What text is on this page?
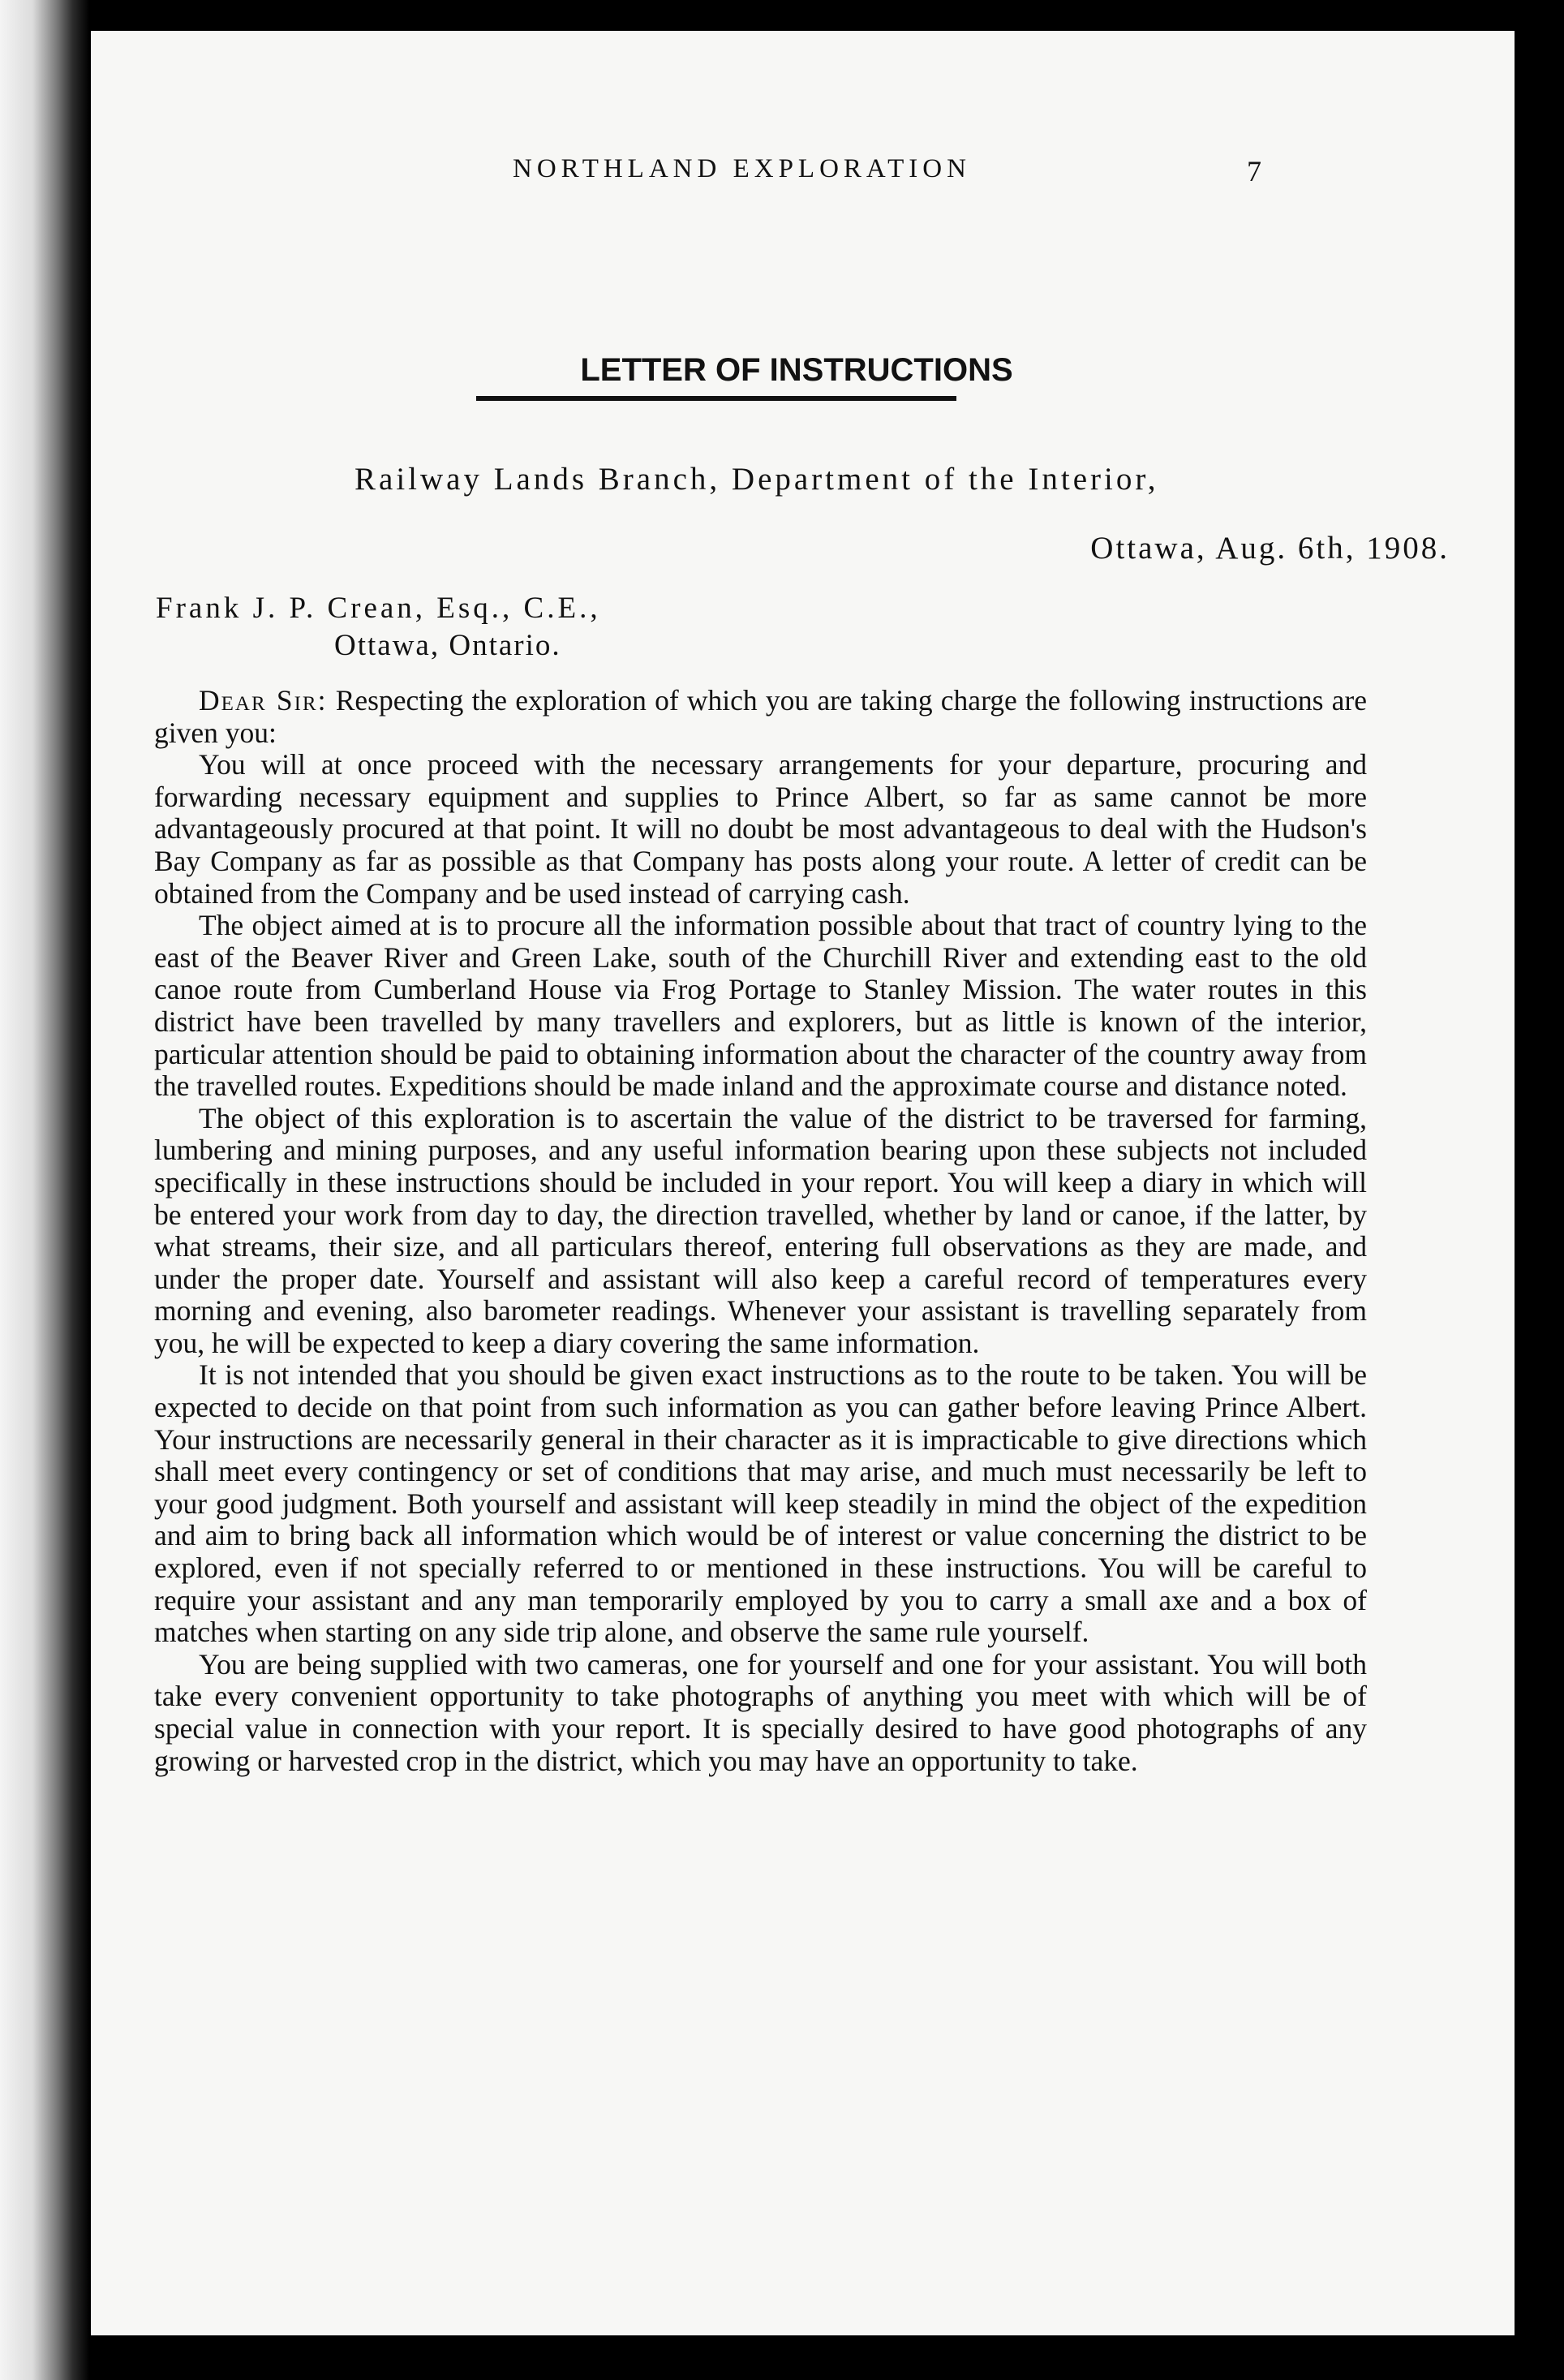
NORTHLAND EXPLORATION	7
LETTER OF INSTRUCTIONS
Railway Lands Branch, Department of the Interior,
Ottawa, Aug. 6th, 1908.
Frank J. P. Crean, Esq., C.E.,
Ottawa, Ontario.

Dear Sir: Respecting the exploration of which you are taking charge the following instructions are given you:

You will at once proceed with the necessary arrangements for your departure, procuring and forwarding necessary equipment and supplies to Prince Albert, so far as same cannot be more advantageously procured at that point. It will no doubt be most advantageous to deal with the Hudson's Bay Company as far as possible as that Company has posts along your route. A letter of credit can be obtained from the Company and be used instead of carrying cash.

The object aimed at is to procure all the information possible about that tract of country lying to the east of the Beaver River and Green Lake, south of the Churchill River and extending east to the old canoe route from Cumberland House via Frog Portage to Stanley Mission. The water routes in this district have been travelled by many travellers and explorers, but as little is known of the interior, particular attention should be paid to obtaining information about the character of the country away from the travelled routes. Expeditions should be made inland and the approximate course and distance noted.

The object of this exploration is to ascertain the value of the district to be traversed for farming, lumbering and mining purposes, and any useful information bearing upon these subjects not included specifically in these instructions should be included in your report. You will keep a diary in which will be entered your work from day to day, the direction travelled, whether by land or canoe, if the latter, by what streams, their size, and all particulars thereof, entering full observations as they are made, and under the proper date. Yourself and assistant will also keep a careful record of temperatures every morning and evening, also barometer readings. Whenever your assistant is travelling separately from you, he will be expected to keep a diary covering the same information.

It is not intended that you should be given exact instructions as to the route to be taken. You will be expected to decide on that point from such information as you can gather before leaving Prince Albert. Your instructions are necessarily general in their character as it is impracticable to give directions which shall meet every contingency or set of conditions that may arise, and much must necessarily be left to your good judgment. Both yourself and assistant will keep steadily in mind the object of the expedition and aim to bring back all information which would be of interest or value concerning the district to be explored, even if not specially referred to or mentioned in these instructions. You will be careful to require your assistant and any man temporarily employed by you to carry a small axe and a box of matches when starting on any side trip alone, and observe the same rule yourself.

You are being supplied with two cameras, one for yourself and one for your assistant. You will both take every convenient opportunity to take photographs of anything you meet with which will be of special value in connection with your report. It is specially desired to have good photographs of any growing or harvested crop in the district, which you may have an opportunity to take.
